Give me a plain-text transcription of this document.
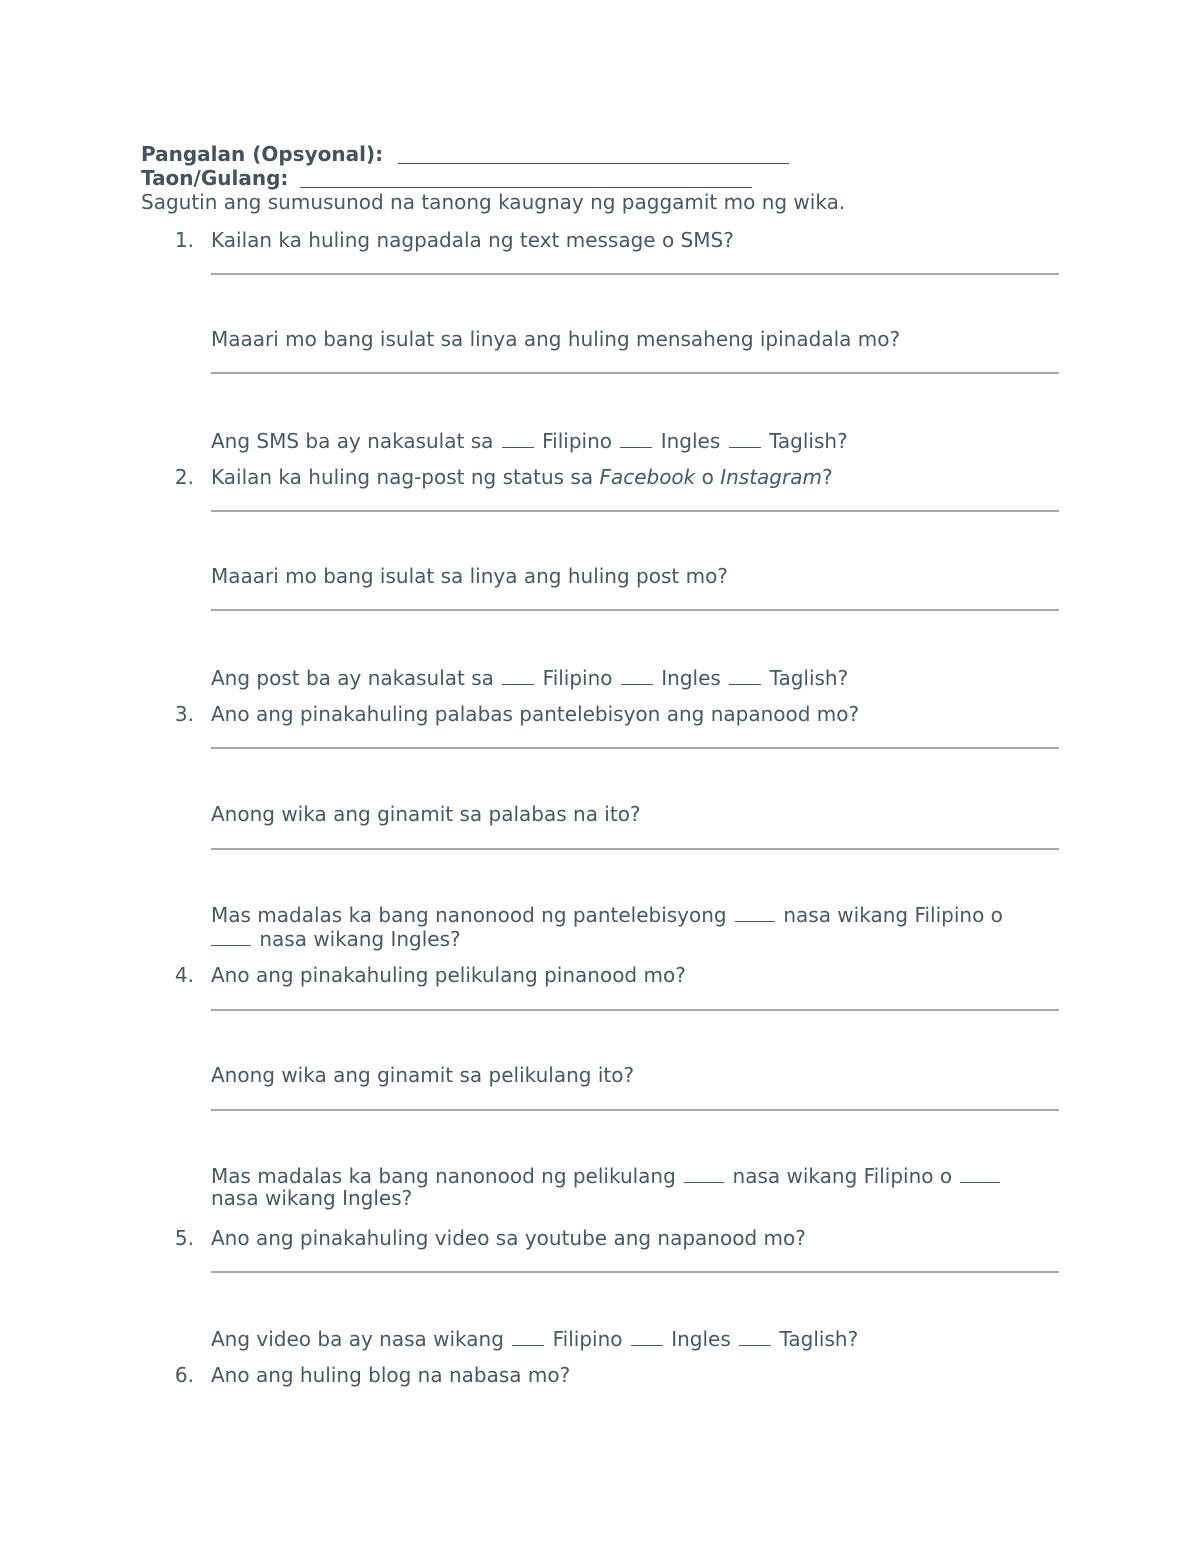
Pangalan (Opsyonal):
Taon/Gulang:
Sagutin ang sumusunod na tanong kaugnay ng paggamit mo ng wika.
1. Kailan ka huling nagpadala ng text message o SMS?
Maaari mo bang isulat sa linya ang huling mensaheng ipinadala mo?
Ang SMS ba ay nakasulat sa Filipino Ingles Taglish?
2. Kailan ka huling nag-post ng status sa Facebook o Instagram?
Maaari mo bang isulat sa linya ang huling post mo?
Ang post ba ay nakasulat sa Filipino Ingles Taglish?
3. Ano ang pinakahuling palabas pantelebisyon ang napanood mo?
Anong wika ang ginamit sa palabas na ito?
Mas madalas ka bang nanonood ng pantelebisyong	nasa wikang Filipino o
nasa wikang Ingles?
4. Ano ang pinakahuling pelikulang pinanood mo?
Anong wika ang ginamit sa pelikulang ito?
Mas madalas ka bang nanonood ng pelikulang	nasa wikang Filipino o
nasa wikang Ingles?
5. Ano ang pinakahuling video sa youtube ang napanood mo?
Ang video ba ay nasa wikang Filipino Ingles Taglish?
6. Ano ang huling blog na nabasa mo?
